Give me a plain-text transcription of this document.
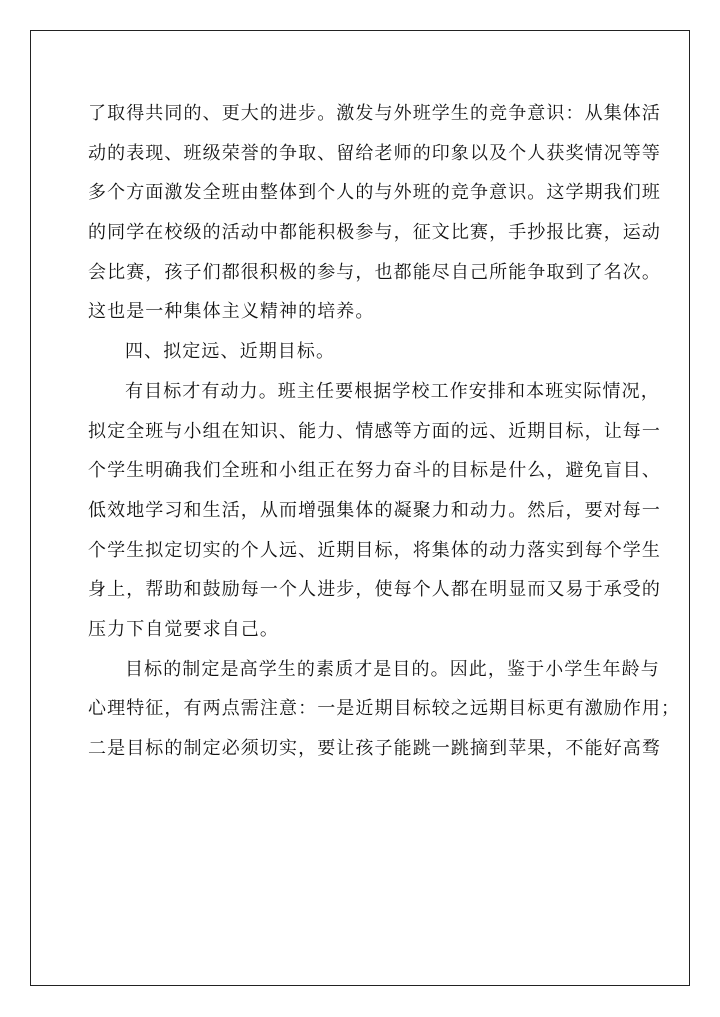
了取得共同的、更大的进步。激发与外班学生的竞争意识：从集体活
动的表现、班级荣誉的争取、留给老师的印象以及个人获奖情况等等
多个方面激发全班由整体到个人的与外班的竞争意识。这学期我们班
的同学在校级的活动中都能积极参与，征文比赛，手抄报比赛，运动
会比赛，孩子们都很积极的参与，也都能尽自己所能争取到了名次。
这也是一种集体主义精神的培养。
四、拟定远、近期目标。
有目标才有动力。班主任要根据学校工作安排和本班实际情况，
拟定全班与小组在知识、能力、情感等方面的远、近期目标，让每一
个学生明确我们全班和小组正在努力奋斗的目标是什么，避免盲目、
低效地学习和生活，从而增强集体的凝聚力和动力。然后，要对每一
个学生拟定切实的个人远、近期目标，将集体的动力落实到每个学生
身上，帮助和鼓励每一个人进步，使每个人都在明显而又易于承受的
压力下自觉要求自己。
目标的制定是高学生的素质才是目的。因此，鉴于小学生年龄与
心理特征，有两点需注意：一是近期目标较之远期目标更有激励作用；
二是目标的制定必须切实，要让孩子能跳一跳摘到苹果，不能好高骛
